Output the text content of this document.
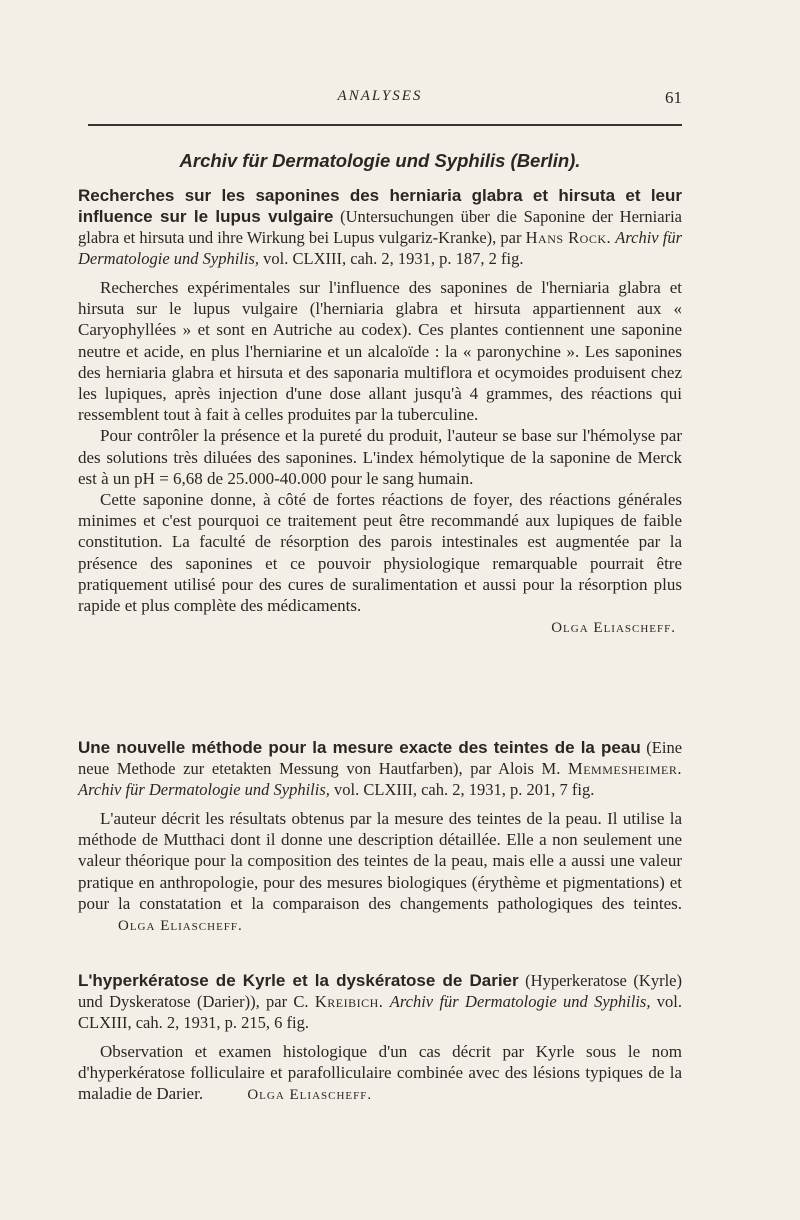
ANALYSES	61
Archiv für Dermatologie und Syphilis (Berlin).
Recherches sur les saponines des herniaria glabra et hirsuta et leur influence sur le lupus vulgaire (Untersuchungen über die Saponine der Herniaria glabra et hirsuta und ihre Wirkung bei Lupus vulgariz-Kranke), par Hans Rock. Archiv für Dermatologie und Syphilis, vol. CLXIII, cah. 2, 1931, p. 187, 2 fig.

Recherches expérimentales sur l'influence des saponines de l'herniaria glabra et hirsuta sur le lupus vulgaire (l'herniaria glabra et hirsuta appartiennent aux « Caryophyllées » et sont en Autriche au codex). Ces plantes contiennent une saponine neutre et acide, en plus l'herniarine et un alcaloïde : la « paronychine ». Les saponines des herniaria glabra et hirsuta et des saponaria multiflora et ocymoides produisent chez les lupiques, après injection d'une dose allant jusqu'à 4 grammes, des réactions qui ressemblent tout à fait à celles produites par la tuberculine.

Pour contrôler la présence et la pureté du produit, l'auteur se base sur l'hémolyse par des solutions très diluées des saponines. L'index hémolytique de la saponine de Merck est à un pH = 6,68 de 25.000-40.000 pour le sang humain.

Cette saponine donne, à côté de fortes réactions de foyer, des réactions générales minimes et c'est pourquoi ce traitement peut être recommandé aux lupiques de faible constitution. La faculté de résorption des parois intestinales est augmentée par la présence des saponines et ce pouvoir physiologique remarquable pourrait être pratiquement utilisé pour des cures de suralimentation et aussi pour la résorption plus rapide et plus complète des médicaments.

Olga Eliascheff.
Une nouvelle méthode pour la mesure exacte des teintes de la peau (Eine neue Methode zur etetakten Messung von Hautfarben), par Alois M. Memmesheimer. Archiv für Dermatologie und Syphilis, vol. CLXIII, cah. 2, 1931, p. 201, 7 fig.

L'auteur décrit les résultats obtenus par la mesure des teintes de la peau. Il utilise la méthode de Mutthaci dont il donne une description détaillée. Elle a non seulement une valeur théorique pour la composition des teintes de la peau, mais elle a aussi une valeur pratique en anthropologie, pour des mesures biologiques (érythème et pigmentations) et pour la constatation et la comparaison des changements pathologiques des teintes. Olga Eliascheff.

L'hyperkératose de Kyrle et la dyskératose de Darier (Hyperkeratose (Kyrle) und Dyskeratose (Darier)), par C. Kreibich. Archiv für Dermatologie und Syphilis, vol. CLXIII, cah. 2, 1931, p. 215, 6 fig.

Observation et examen histologique d'un cas décrit par Kyrle sous le nom d'hyperkératose folliculaire et parafolliculaire combinée avec des lésions typiques de la maladie de Darier.	Olga Eliascheff.
